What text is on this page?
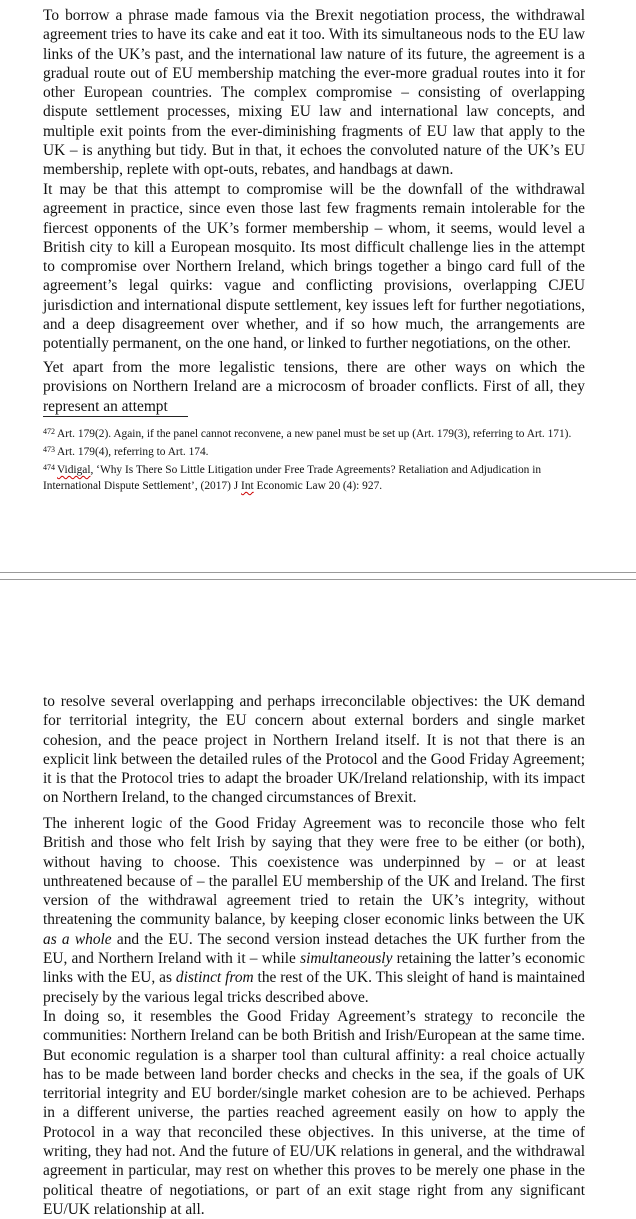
To borrow a phrase made famous via the Brexit negotiation process, the withdrawal agreement tries to have its cake and eat it too. With its simultaneous nods to the EU law links of the UK’s past, and the international law nature of its future, the agreement is a gradual route out of EU membership matching the ever-more gradual routes into it for other European countries. The complex compromise – consisting of overlapping dispute settlement processes, mixing EU law and international law concepts, and multiple exit points from the ever-diminishing fragments of EU law that apply to the UK – is anything but tidy. But in that, it echoes the convoluted nature of the UK’s EU membership, replete with opt-outs, rebates, and handbags at dawn.

It may be that this attempt to compromise will be the downfall of the withdrawal agreement in practice, since even those last few fragments remain intolerable for the fiercest opponents of the UK’s former membership – whom, it seems, would level a British city to kill a European mosquito. Its most difficult challenge lies in the attempt to compromise over Northern Ireland, which brings together a bingo card full of the agreement’s legal quirks: vague and conflicting provisions, overlapping CJEU jurisdiction and international dispute settlement, key issues left for further negotiations, and a deep disagreement over whether, and if so how much, the arrangements are potentially permanent, on the one hand, or linked to further negotiations, on the other.

Yet apart from the more legalistic tensions, there are other ways on which the provisions on Northern Ireland are a microcosm of broader conflicts. First of all, they represent an attempt

$^{472}$ Art. 179(2). Again, if the panel cannot reconvene, a new panel must be set up (Art. 179(3), referring to Art. 171).

$^{473}$ Art. 179(4), referring to Art. 174.

$^{474}$ Vidigal, ‘Why Is There So Little Litigation under Free Trade Agreements? Retaliation and Adjudication in International Dispute Settlement’, (2017) J Int Economic Law 20 (4): 927.

to resolve several overlapping and perhaps irreconcilable objectives: the UK demand for territorial integrity, the EU concern about external borders and single market cohesion, and the peace project in Northern Ireland itself. It is not that there is an explicit link between the detailed rules of the Protocol and the Good Friday Agreement; it is that the Protocol tries to adapt the broader UK/Ireland relationship, with its impact on Northern Ireland, to the changed circumstances of Brexit.

The inherent logic of the Good Friday Agreement was to reconcile those who felt British and those who felt Irish by saying that they were free to be either (or both), without having to choose. This coexistence was underpinned by – or at least unthreatened because of – the parallel EU membership of the UK and Ireland. The first version of the withdrawal agreement tried to retain the UK’s integrity, without threatening the community balance, by keeping closer economic links between the UK as a whole and the EU. The second version instead detaches the UK further from the EU, and Northern Ireland with it – while simultaneously retaining the latter’s economic links with the EU, as distinct from the rest of the UK. This sleight of hand is maintained precisely by the various legal tricks described above.

In doing so, it resembles the Good Friday Agreement’s strategy to reconcile the communities: Northern Ireland can be both British and Irish/European at the same time. But economic regulation is a sharper tool than cultural affinity: a real choice actually has to be made between land border checks and checks in the sea, if the goals of UK territorial integrity and EU border/single market cohesion are to be achieved. Perhaps in a different universe, the parties reached agreement easily on how to apply the Protocol in a way that reconciled these objectives. In this universe, at the time of writing, they had not. And the future of EU/UK relations in general, and the withdrawal agreement in particular, may rest on whether this proves to be merely one phase in the political theatre of negotiations, or part of an exit stage right from any significant EU/UK relationship at all.
